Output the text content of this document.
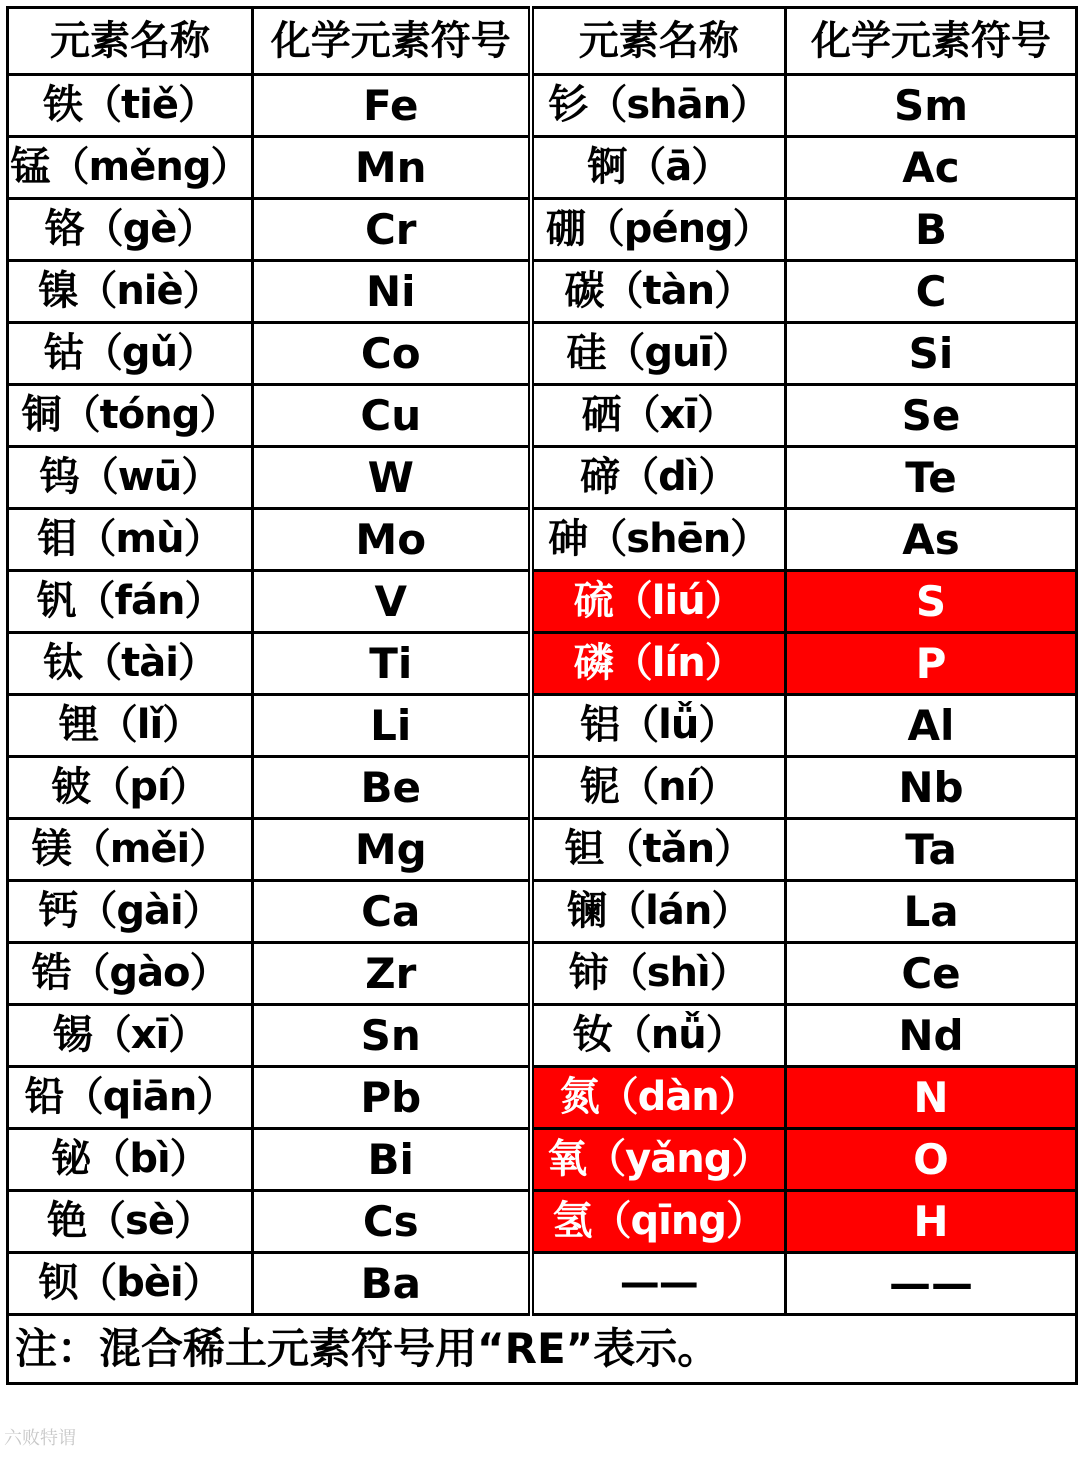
元素名称	化学元素符号	元素名称	化学元素符号
铁（tiě）	Fe	钐（shān）	Sm
锰（měng）	Mn	锕（ā）	Ac
铬（gè）	Cr	硼（péng）	B
镍（niè）	Ni	碳（tàn）	C
钴（gǔ）	Co	硅（guī）	Si
铜（tóng）	Cu	硒（xī）	Se
钨（wū）	W	碲（dì）	Te
钼（mù）	Mo	砷（shēn）	As
钒（fán）	V	硫（liú）	S
钛（tài）	Ti	磷（lín）	P
锂（lǐ）	Li	铝（lǚ）	Al
铍（pí）	Be	铌（ní）	Nb
镁（měi）	Mg	钽（tǎn）	Ta
钙（gài）	Ca	镧（lán）	La
锆（gào）	Zr	铈（shì）	Ce
锡（xī）	Sn	钕（nǚ）	Nd
铅（qiān）	Pb	氮（dàn）	N
铋（bì）	Bi	氧（yǎng）	O
铯（sè）	Cs	氢（qīng）	H
钡（bèi）	Ba	——	——
注：混合稀土元素符号用“RE”表示。			
六败特谓
